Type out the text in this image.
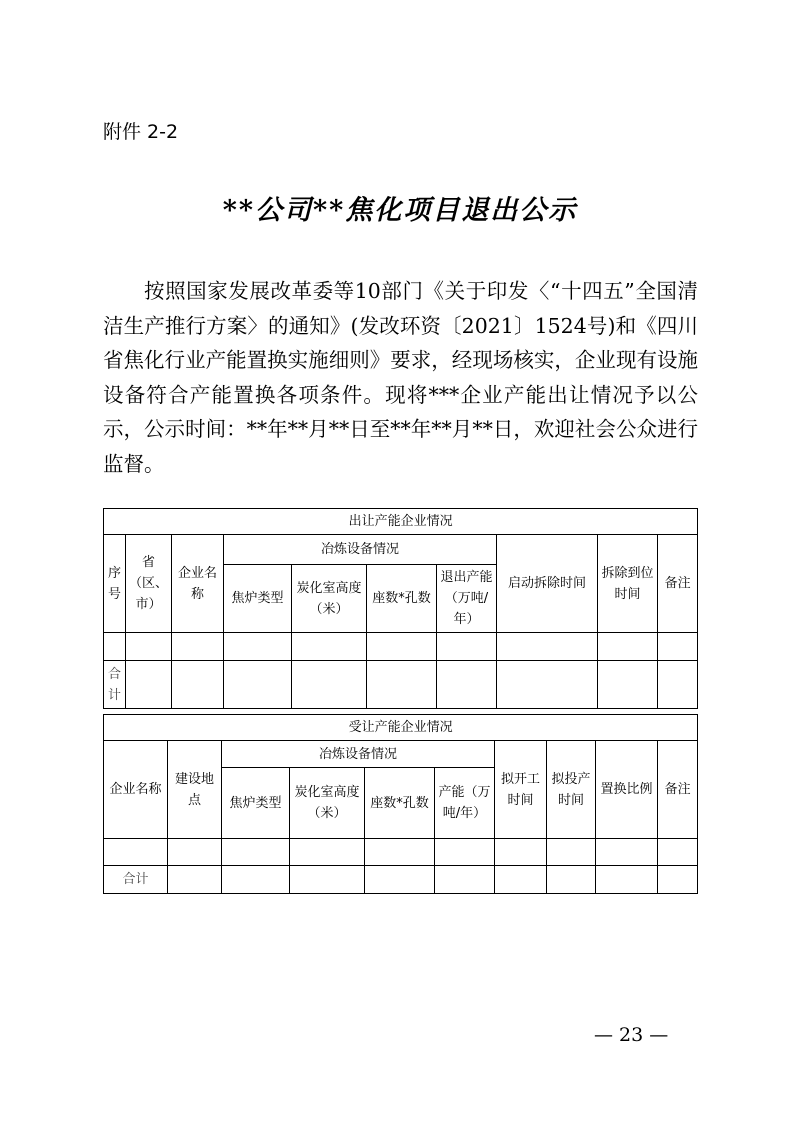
附件 2-2
**公司**焦化项目退出公示
按照国家发展改革委等10部门《关于印发〈“十四五”全国清洁生产推行方案〉的通知》(发改环资〔2021〕1524号)和《四川省焦化行业产能置换实施细则》要求，经现场核实，企业现有设施设备符合产能置换各项条件。现将***企业产能出让情况予以公示，公示时间：**年**月**日至**年**月**日，欢迎社会公众进行监督。
出让产能企业情况									
序号	省（区、市）	企业名称	冶炼设备情况				启动拆除时间	拆除到位时间	备注
			焦炉类型	炭化室高度（米）	座数*孔数	退出产能（万吨/年）			

合计									
受让产能企业情况									
企业名称	建设地点	冶炼设备情况				拟开工时间	拟投产时间	置换比例	备注
		焦炉类型	炭化室高度（米）	座数*孔数	产能（万吨/年）				

合计									
— 23 —
